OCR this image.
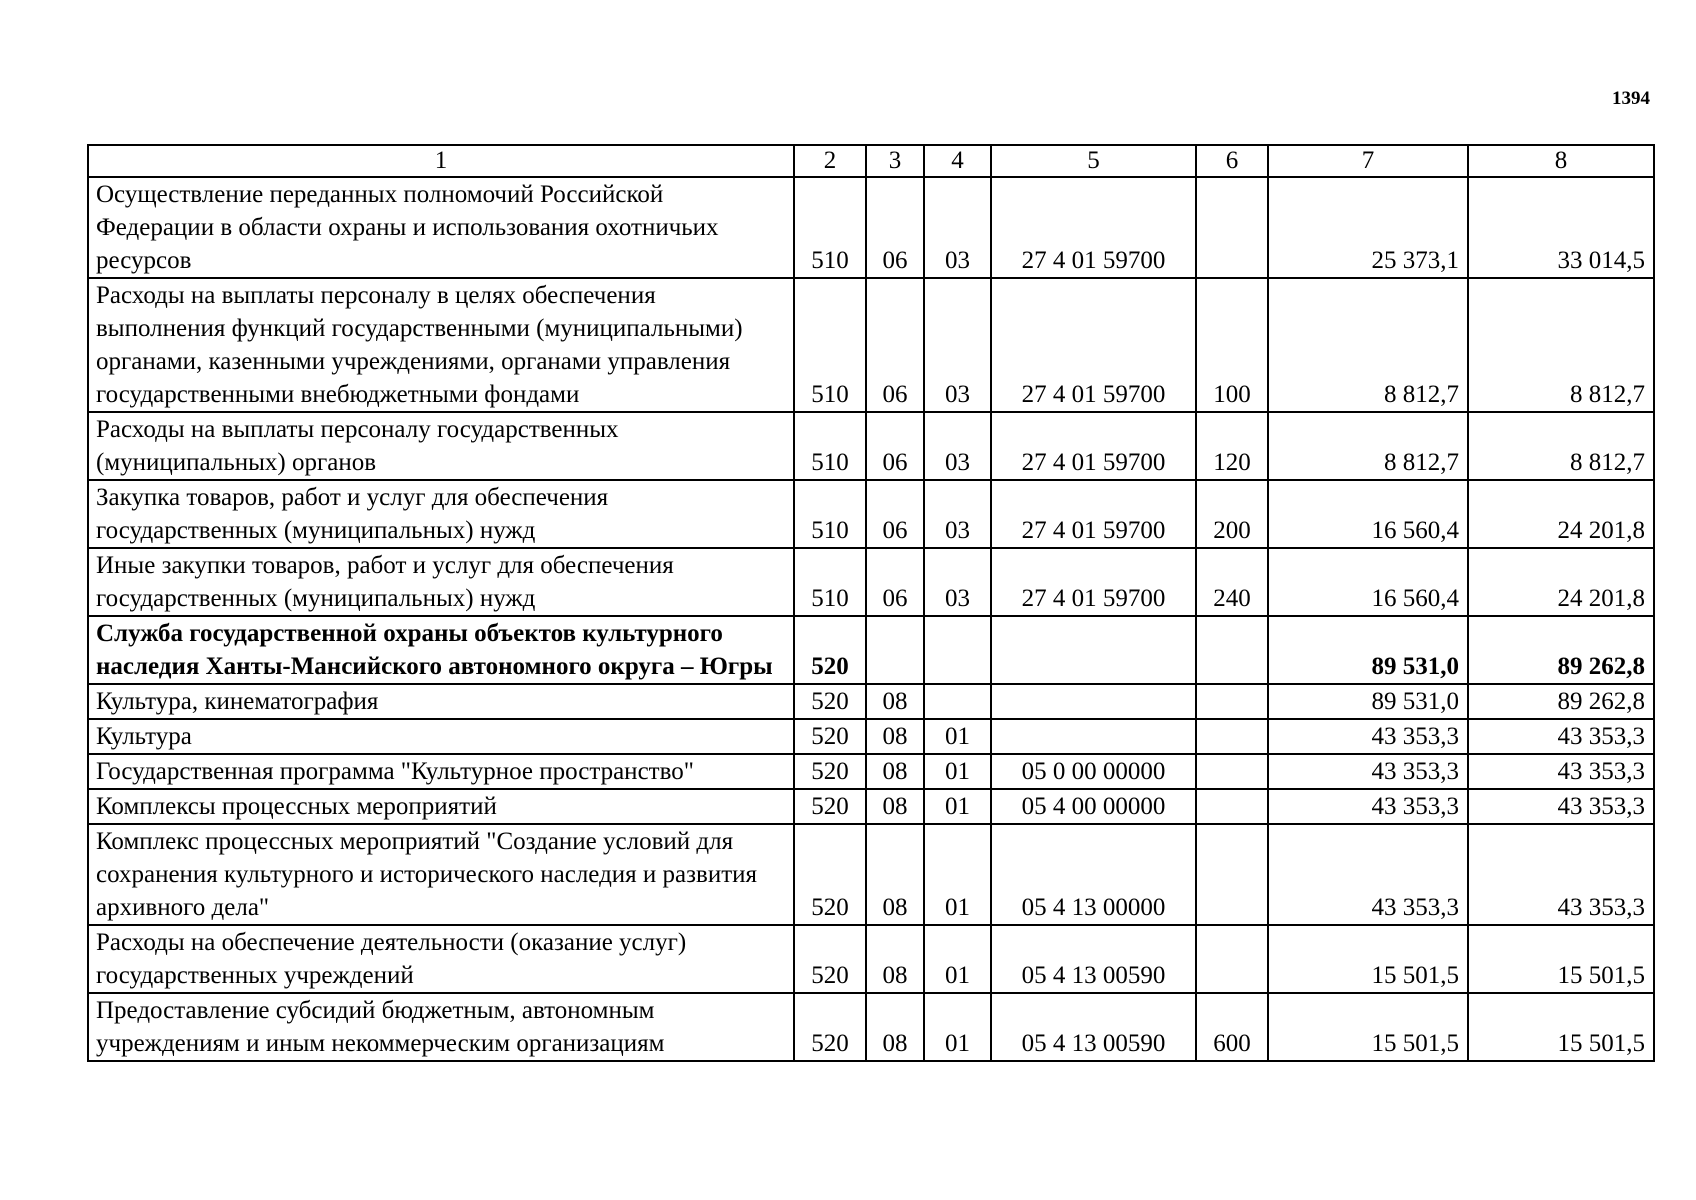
1394
1	2	3	4	5	6	7	8
Осуществление переданных полномочий Российской Федерации в области охраны и использования охотничьих ресурсов	510	06	03	27 4 01 59700		25 373,1	33 014,5
Расходы на выплаты персоналу в целях обеспечения выполнения функций государственными (муниципальными) органами, казенными учреждениями, органами управления государственными внебюджетными фондами	510	06	03	27 4 01 59700	100	8 812,7	8 812,7
Расходы на выплаты персоналу государственных (муниципальных) органов	510	06	03	27 4 01 59700	120	8 812,7	8 812,7
Закупка товаров, работ и услуг для обеспечения государственных (муниципальных) нужд	510	06	03	27 4 01 59700	200	16 560,4	24 201,8
Иные закупки товаров, работ и услуг для обеспечения государственных (муниципальных) нужд	510	06	03	27 4 01 59700	240	16 560,4	24 201,8
Служба государственной охраны объектов культурного наследия Ханты-Мансийского автономного округа – Югры	520					89 531,0	89 262,8
Культура, кинематография	520	08				89 531,0	89 262,8
Культура	520	08	01			43 353,3	43 353,3
Государственная программа "Культурное пространство"	520	08	01	05 0 00 00000		43 353,3	43 353,3
Комплексы процессных мероприятий	520	08	01	05 4 00 00000		43 353,3	43 353,3
Комплекс процессных мероприятий "Создание условий для сохранения культурного и исторического наследия и развития архивного дела"	520	08	01	05 4 13 00000		43 353,3	43 353,3
Расходы на обеспечение деятельности (оказание услуг) государственных учреждений	520	08	01	05 4 13 00590		15 501,5	15 501,5
Предоставление субсидий бюджетным, автономным учреждениям и иным некоммерческим организациям	520	08	01	05 4 13 00590	600	15 501,5	15 501,5
